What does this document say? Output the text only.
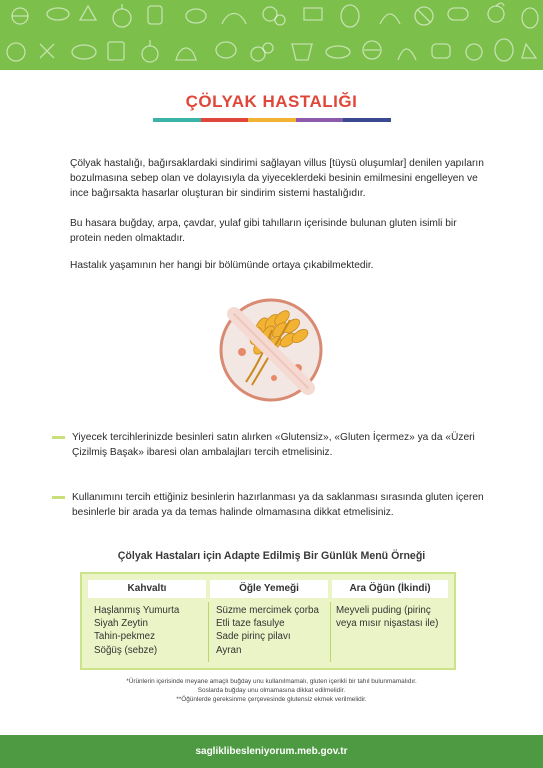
ÇÖLYAK HASTALIĞI

Çölyak hastalığı, bağırsaklardaki sindirimi sağlayan villus [tüysü oluşumlar] denilen yapıların bozulmasına sebep olan ve dolayısıyla da yiyeceklerdeki besinin emilmesini engelleyen ve ince bağırsakta hasarlar oluşturan bir sindirim sistemi hastalığıdır.

Bu hasara buğday, arpa, çavdar, yulaf gibi tahılların içerisinde bulunan gluten isimli bir protein neden olmaktadır.

Hastalık yaşamının her hangi bir bölümünde ortaya çıkabilmektedir.

Yiyecek tercihlerinizde besinleri satın alırken «Glutensiz», «Gluten İçermez» ya da «Üzeri Çizilmiş Başak» ibaresi olan ambalajları tercih etmelisiniz.

Kullanımını tercih ettiğiniz besinlerin hazırlanması ya da saklanması sırasında gluten içeren besinlerle bir arada ya da temas halinde olmamasına dikkat etmelisiniz.

Çölyak Hastaları için Adapte Edilmiş Bir Günlük Menü Örneği
Kahvaltı	Öğle Yemeği	Ara Öğün (İkindi)
Haşlanmış Yumurta
Siyah Zeytin
Tahin-pekmez
Söğüş (sebze)
Süzme mercimek çorba
Etli taze fasulye
Sade pirinç pilavı
Ayran
Meyveli puding (pirinç veya mısır nişastası ile)
*Ürünlerin içerisinde meyane amaçlı buğday unu kullanılmamalı, gluten içerikli bir tahıl bulunmamalıdır.
Soslarda buğday unu olmamasına dikkat edilmelidir.
**Öğünlerde gereksinme çerçevesinde glutensiz ekmek verilmelidir.
sagliklibesleniyorum.meb.gov.tr
